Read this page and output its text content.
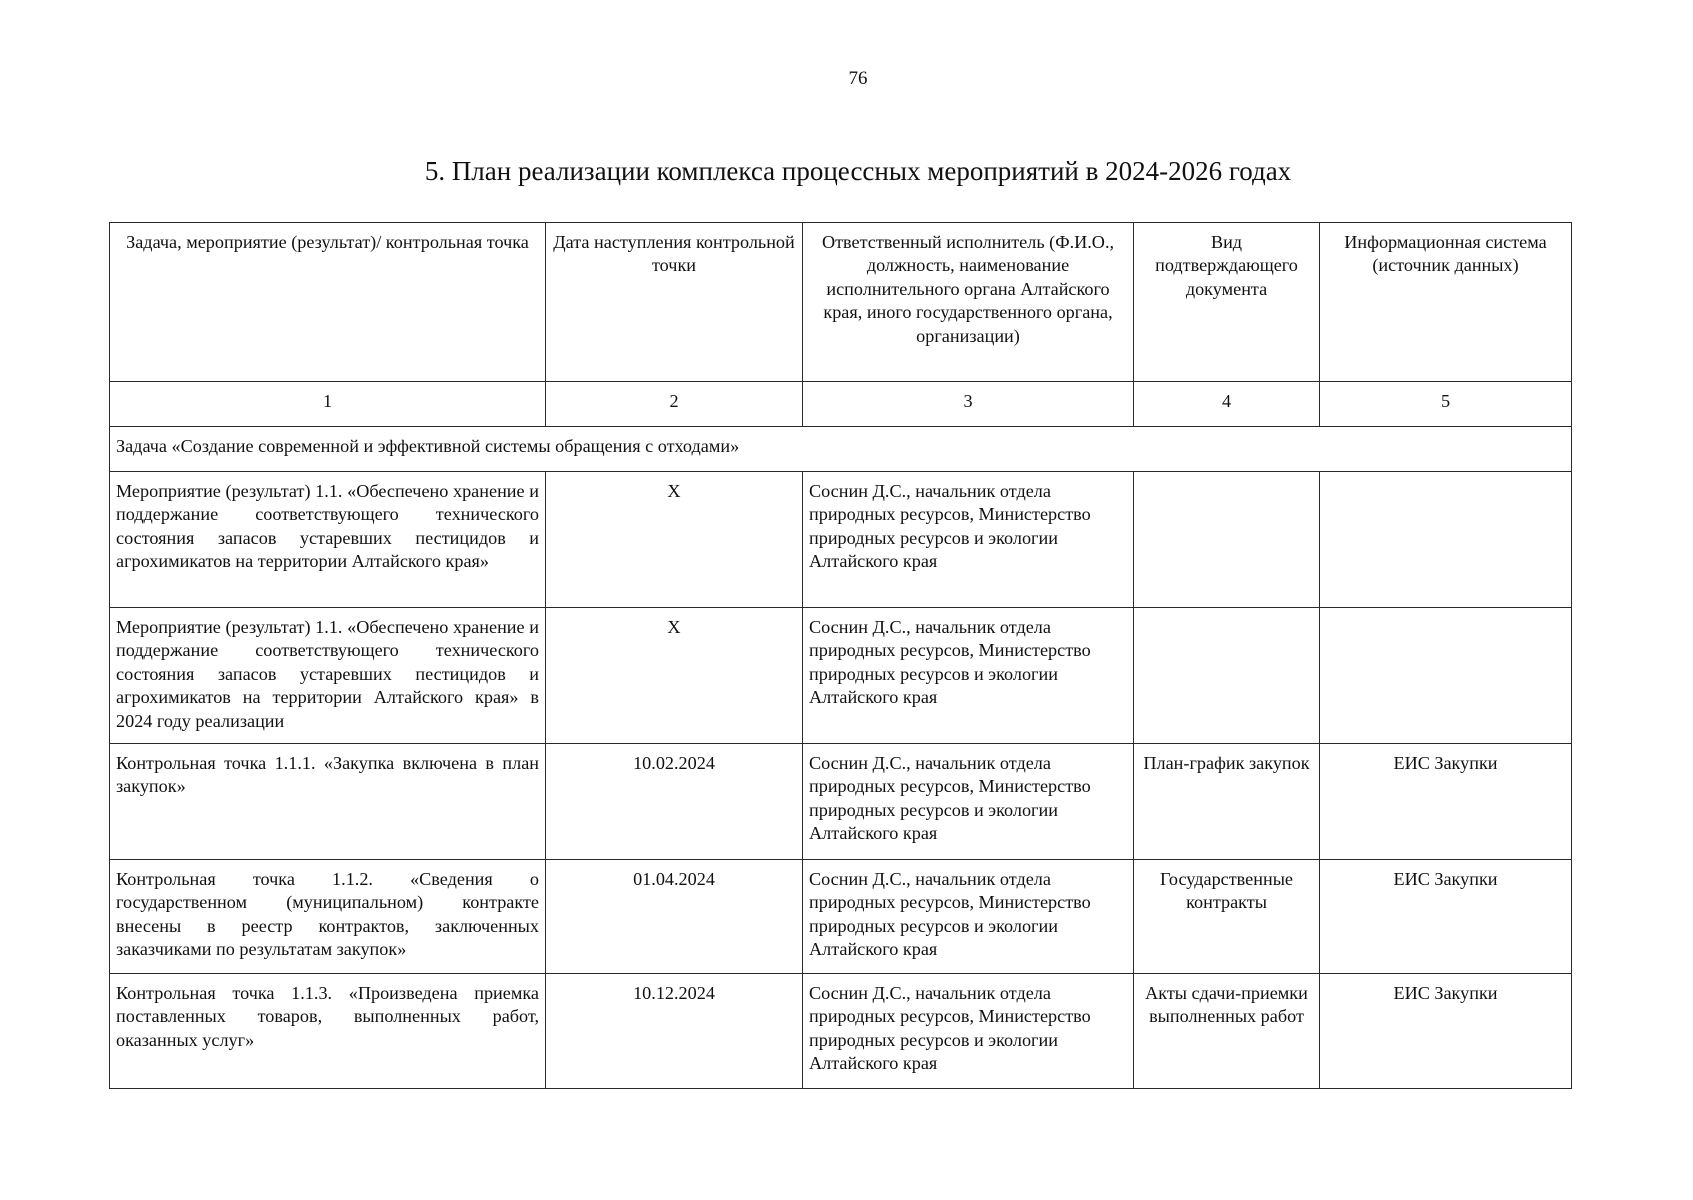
76
5. План реализации комплекса процессных мероприятий в 2024-2026 годах
Задача, мероприятие (результат)/ контрольная точка	Дата наступления контрольной точки	Ответственный исполнитель (Ф.И.О., должность, наименование исполнительного органа Алтайского края, иного государственного органа, организации)	Вид подтверждающего документа	Информационная система (источник данных)
1	2	3	4	5
Задача «Создание современной и эффективной системы обращения с отходами»				
Мероприятие (результат) 1.1. «Обеспечено хранение и поддержание соответствующего технического состояния запасов устаревших пестицидов и агрохимикатов на территории Алтайского края»	Х	Соснин Д.С., начальник отдела природных ресурсов, Министерство природных ресурсов и экологии Алтайского края		
Мероприятие (результат) 1.1. «Обеспечено хранение и поддержание соответствующего технического состояния запасов устаревших пестицидов и агрохимикатов на территории Алтайского края» в 2024 году реализации	Х	Соснин Д.С., начальник отдела природных ресурсов, Министерство природных ресурсов и экологии Алтайского края		
Контрольная точка 1.1.1. «Закупка включена в план закупок»	10.02.2024	Соснин Д.С., начальник отдела природных ресурсов, Министерство природных ресурсов и экологии Алтайского края	План-график закупок	ЕИС Закупки
Контрольная точка 1.1.2. «Сведения о государственном (муниципальном) контракте внесены в реестр контрактов, заключенных заказчиками по результатам закупок»	01.04.2024	Соснин Д.С., начальник отдела природных ресурсов, Министерство природных ресурсов и экологии Алтайского края	Государственные контракты	ЕИС Закупки
Контрольная точка 1.1.3. «Произведена приемка поставленных товаров, выполненных работ, оказанных услуг»	10.12.2024	Соснин Д.С., начальник отдела природных ресурсов, Министерство природных ресурсов и экологии Алтайского края	Акты сдачи-приемки выполненных работ	ЕИС Закупки
